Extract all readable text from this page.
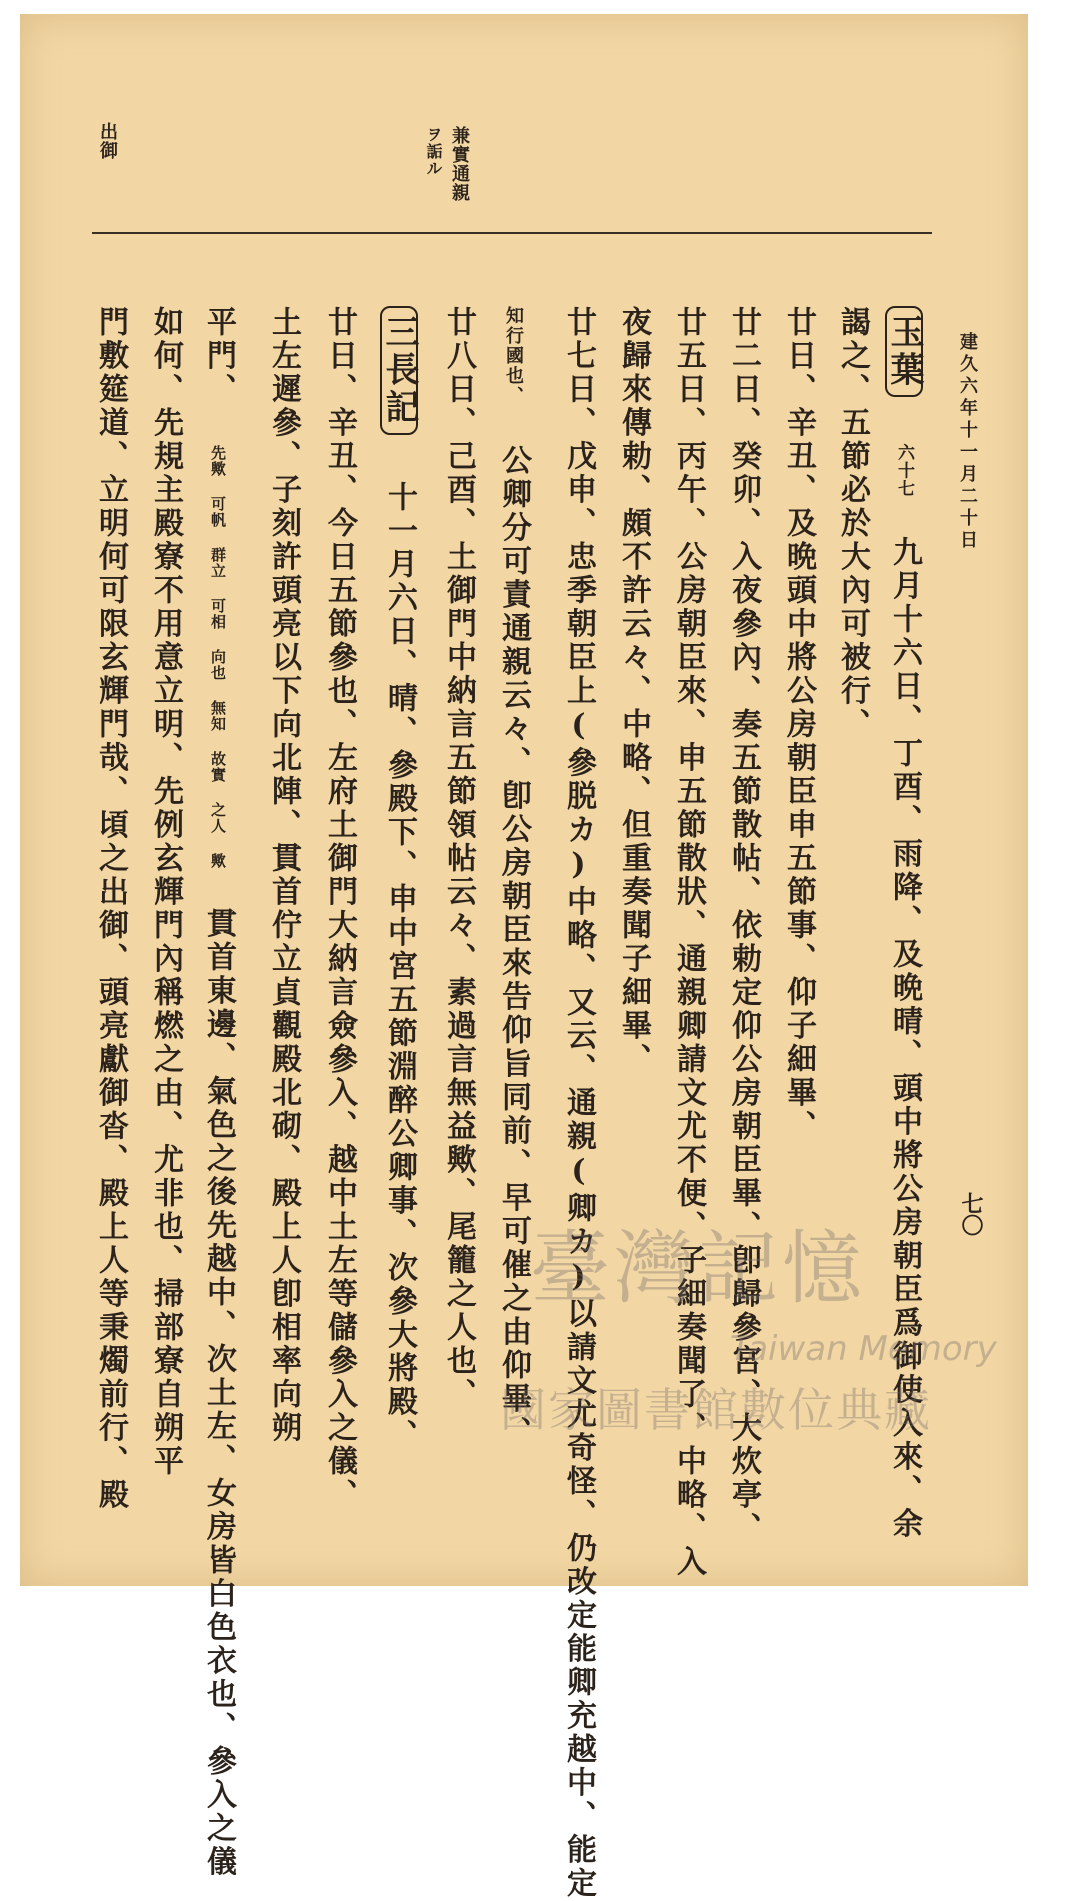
建久六年十一月二十日
七〇
出御	兼實通親
ヲ詬ル
玉葉 六十七 九月十六日、丁酉、雨降、及晩晴、頭中將公房朝臣爲御使入來、余
謁之、五節必於大內可被行、
廿日、辛丑、及晩頭中將公房朝臣申五節事、仰子細畢、
廿二日、癸卯、入夜參內、奏五節散帖、依勅定仰公房朝臣畢、卽歸參宮、大炊亭、
廿五日、丙午、公房朝臣來、申五節散狀、通親卿請文尤不便、子細奏聞了、中略、入
夜歸來傳勅、頗不許云々、中略、但重奏聞子細畢、
廿七日、戊申、忠季朝臣上(參脱カ)中略、又云、通親(卿カ)以請文尤奇怪、仍改定能卿充越中、能定
知行國也、 公卿分可責通親云々、卽公房朝臣來告仰旨同前、早可催之由仰畢、
廿八日、己酉、土御門中納言五節領帖云々、素過言無益歟、尾籠之人也、
三長記 十一月六日、晴、參殿下、申中宮五節淵醉公卿事、次參大將殿、
廿日、辛丑、今日五節參也、左府土御門大納言僉參入、越中土左等儲參入之儀、
土左遲參、子刻許頭亮以下向北陣、貫首佇立貞觀殿北砌、殿上人卽相率向朔
平門、 先歟 可帆 群立 可相 向也 無知 故實 之人 歟 貫首東邊、氣色之後先越中、次土左、女房皆白色衣也、參入之儀
如何、先規主殿寮不用意立明、先例玄輝門內稱燃之由、尤非也、掃部寮自朔平
門敷筵道、立明何可限玄輝門哉、頃之出御、頭亮獻御沓、殿上人等秉燭前行、殿	臺灣記憶
Taiwan Memory
國家圖書館數位典藏
